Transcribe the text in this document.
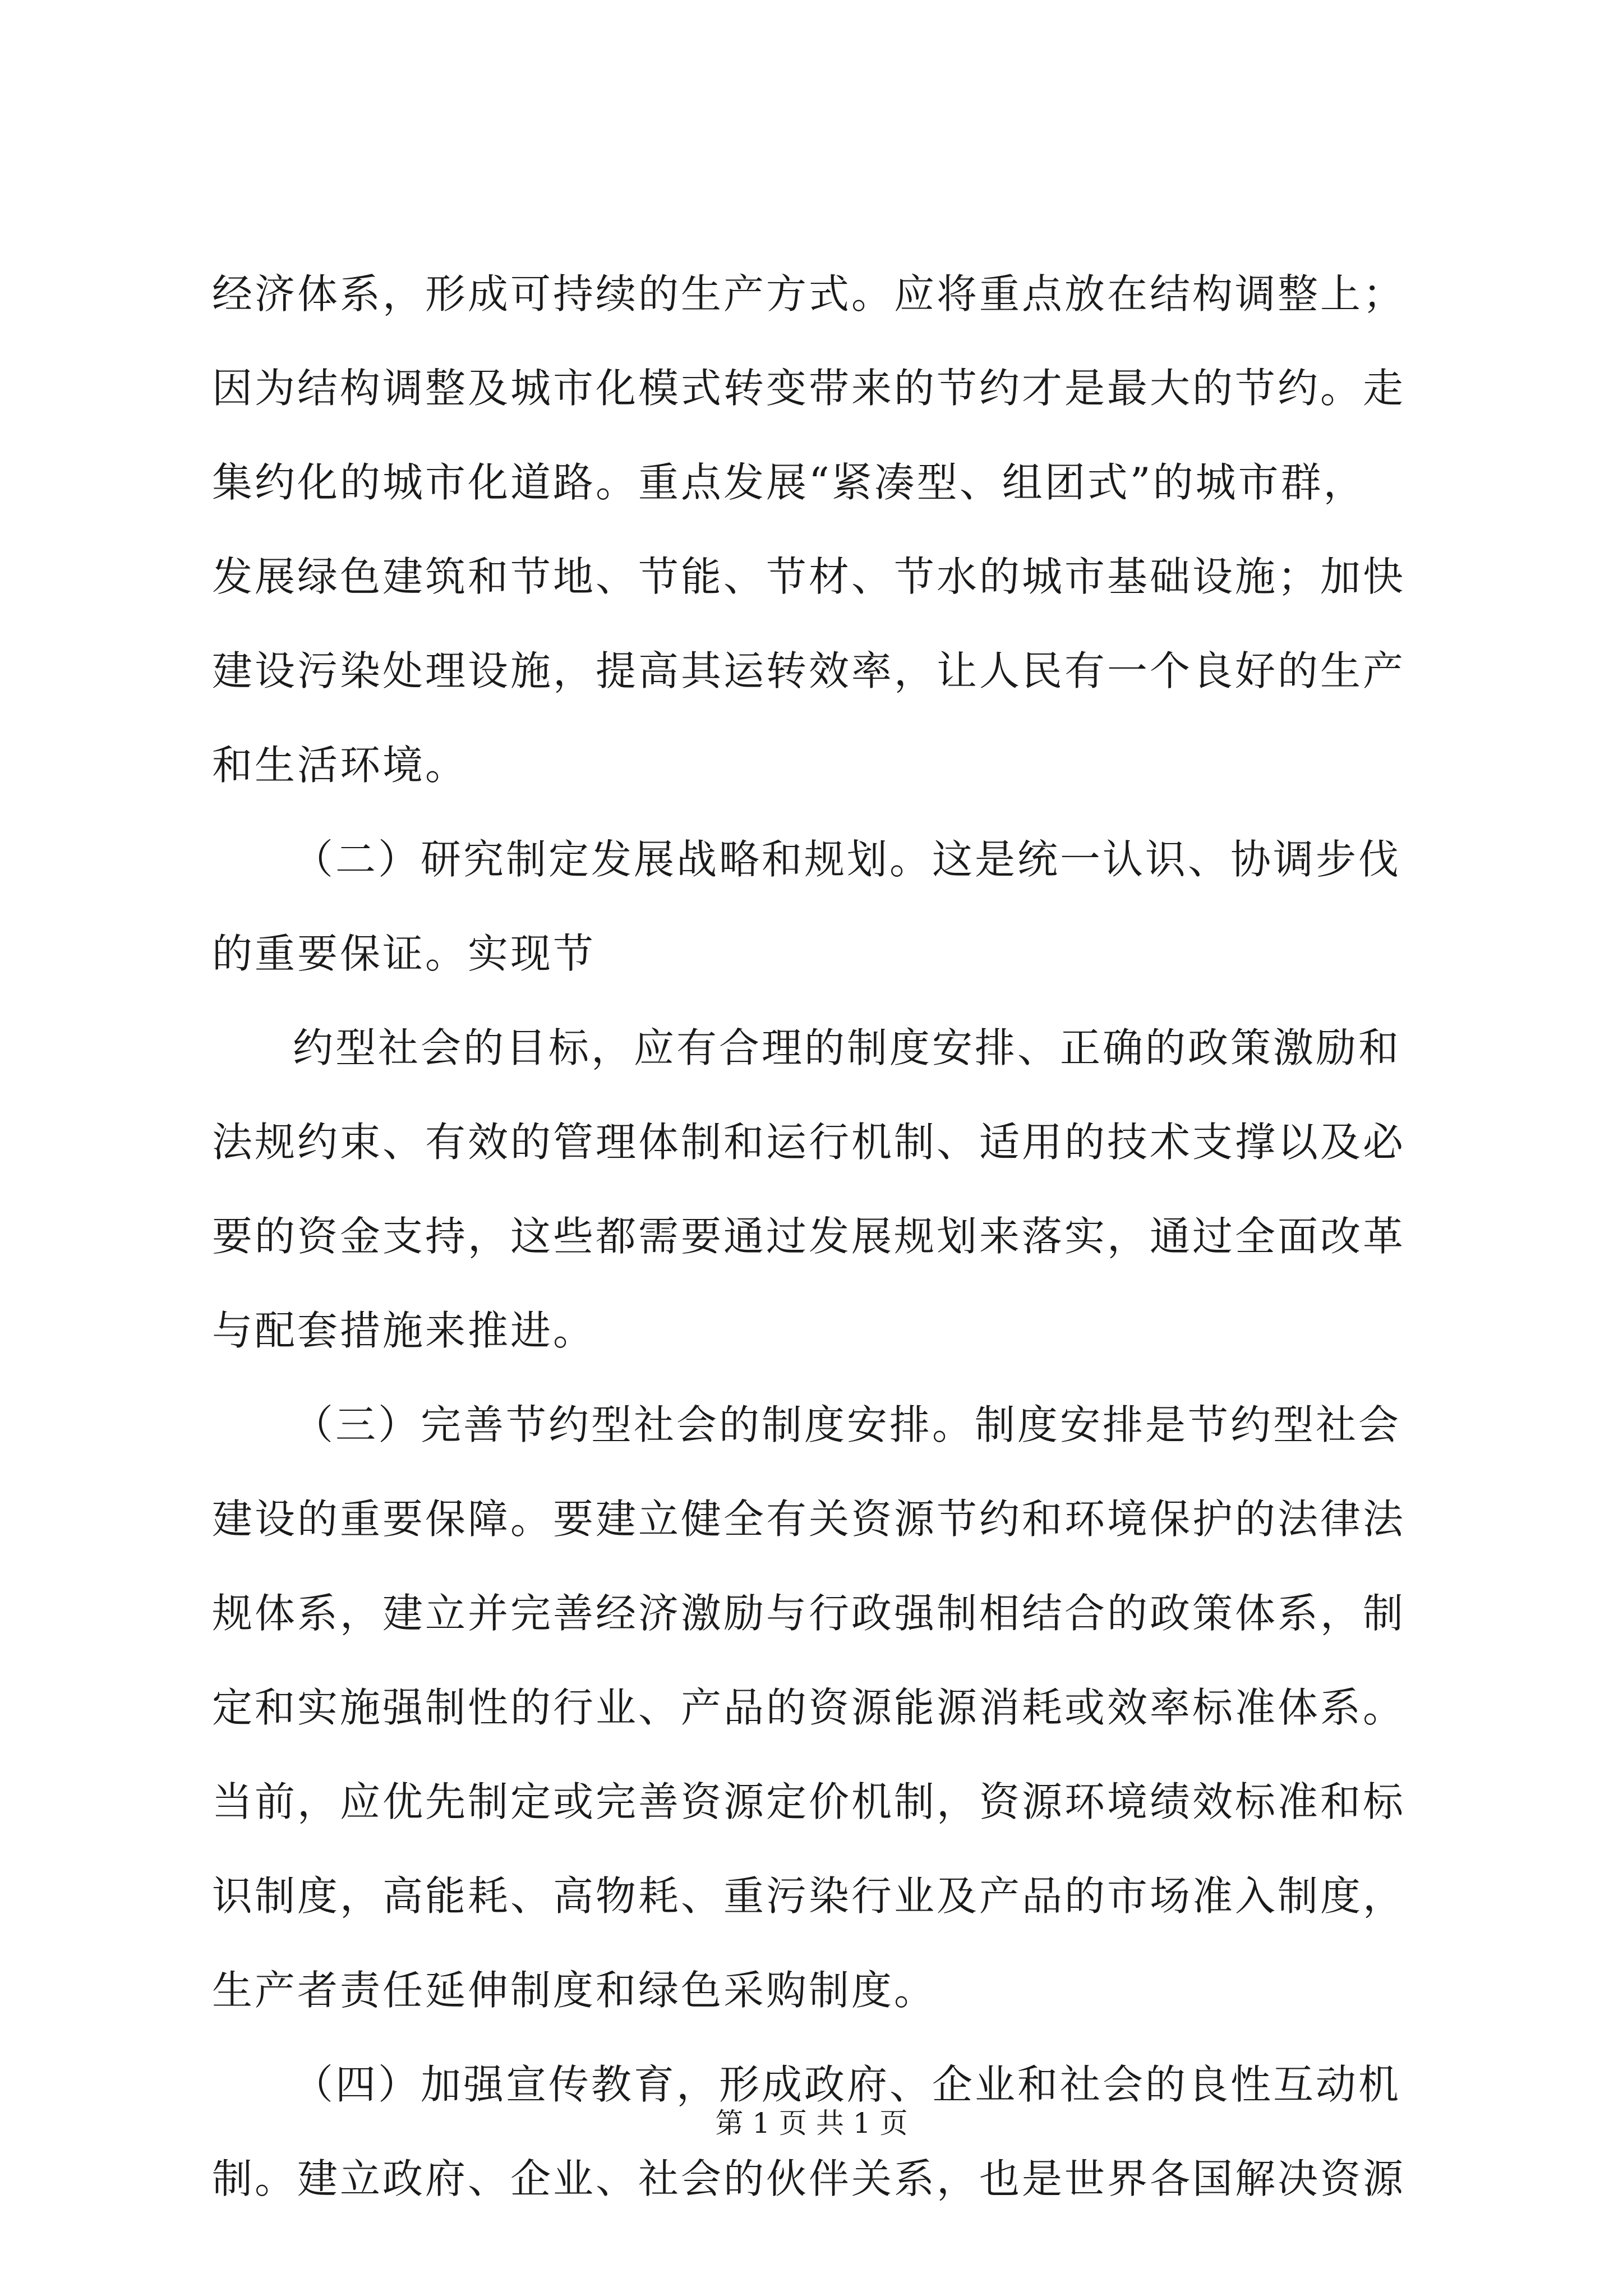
经济体系，形成可持续的生产方式。应将重点放在结构调整上；
因为结构调整及城市化模式转变带来的节约才是最大的节约。走
集约化的城市化道路。重点发展“紧凑型、组团式”的城市群，
发展绿色建筑和节地、节能、节材、节水的城市基础设施；加快
建设污染处理设施，提高其运转效率，让人民有一个良好的生产
和生活环境。
（二）研究制定发展战略和规划。这是统一认识、协调步伐
的重要保证。实现节
约型社会的目标，应有合理的制度安排、正确的政策激励和
法规约束、有效的管理体制和运行机制、适用的技术支撑以及必
要的资金支持，这些都需要通过发展规划来落实，通过全面改革
与配套措施来推进。
（三）完善节约型社会的制度安排。制度安排是节约型社会
建设的重要保障。要建立健全有关资源节约和环境保护的法律法
规体系，建立并完善经济激励与行政强制相结合的政策体系，制
定和实施强制性的行业、产品的资源能源消耗或效率标准体系。
当前，应优先制定或完善资源定价机制，资源环境绩效标准和标
识制度，高能耗、高物耗、重污染行业及产品的市场准入制度，
生产者责任延伸制度和绿色采购制度。
（四）加强宣传教育，形成政府、企业和社会的良性互动机
制。建立政府、企业、社会的伙伴关系，也是世界各国解决资源
第 1 页 共 1 页
